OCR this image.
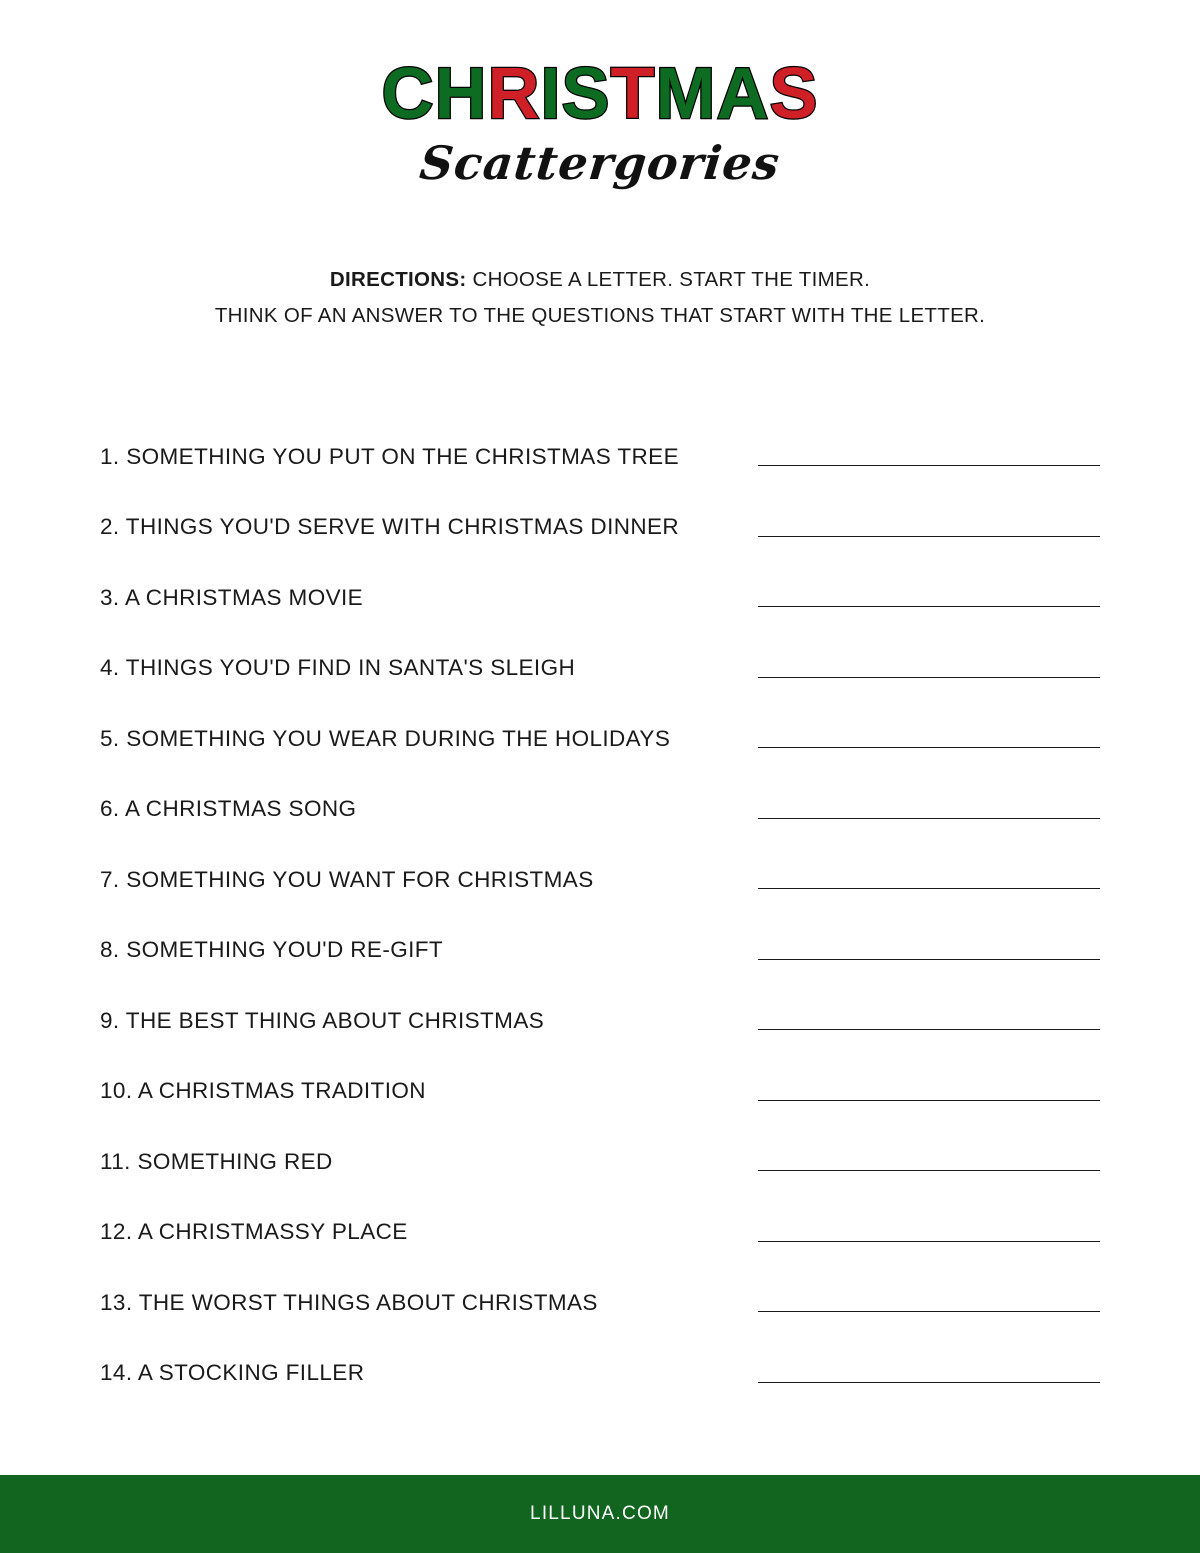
CHRISTMAS

Scattergories

DIRECTIONS: CHOOSE A LETTER. START THE TIMER.
THINK OF AN ANSWER TO THE QUESTIONS THAT START WITH THE LETTER.
1. SOMETHING YOU PUT ON THE CHRISTMAS TREE
2. THINGS YOU'D SERVE WITH CHRISTMAS DINNER
3. A CHRISTMAS MOVIE
4. THINGS YOU'D FIND IN SANTA'S SLEIGH
5. SOMETHING YOU WEAR DURING THE HOLIDAYS
6. A CHRISTMAS SONG
7. SOMETHING YOU WANT FOR CHRISTMAS
8. SOMETHING YOU'D RE-GIFT
9. THE BEST THING ABOUT CHRISTMAS
10. A CHRISTMAS TRADITION
11. SOMETHING RED
12. A CHRISTMASSY PLACE
13. THE WORST THINGS ABOUT CHRISTMAS
14. A STOCKING FILLER
LILLUNA.COM
